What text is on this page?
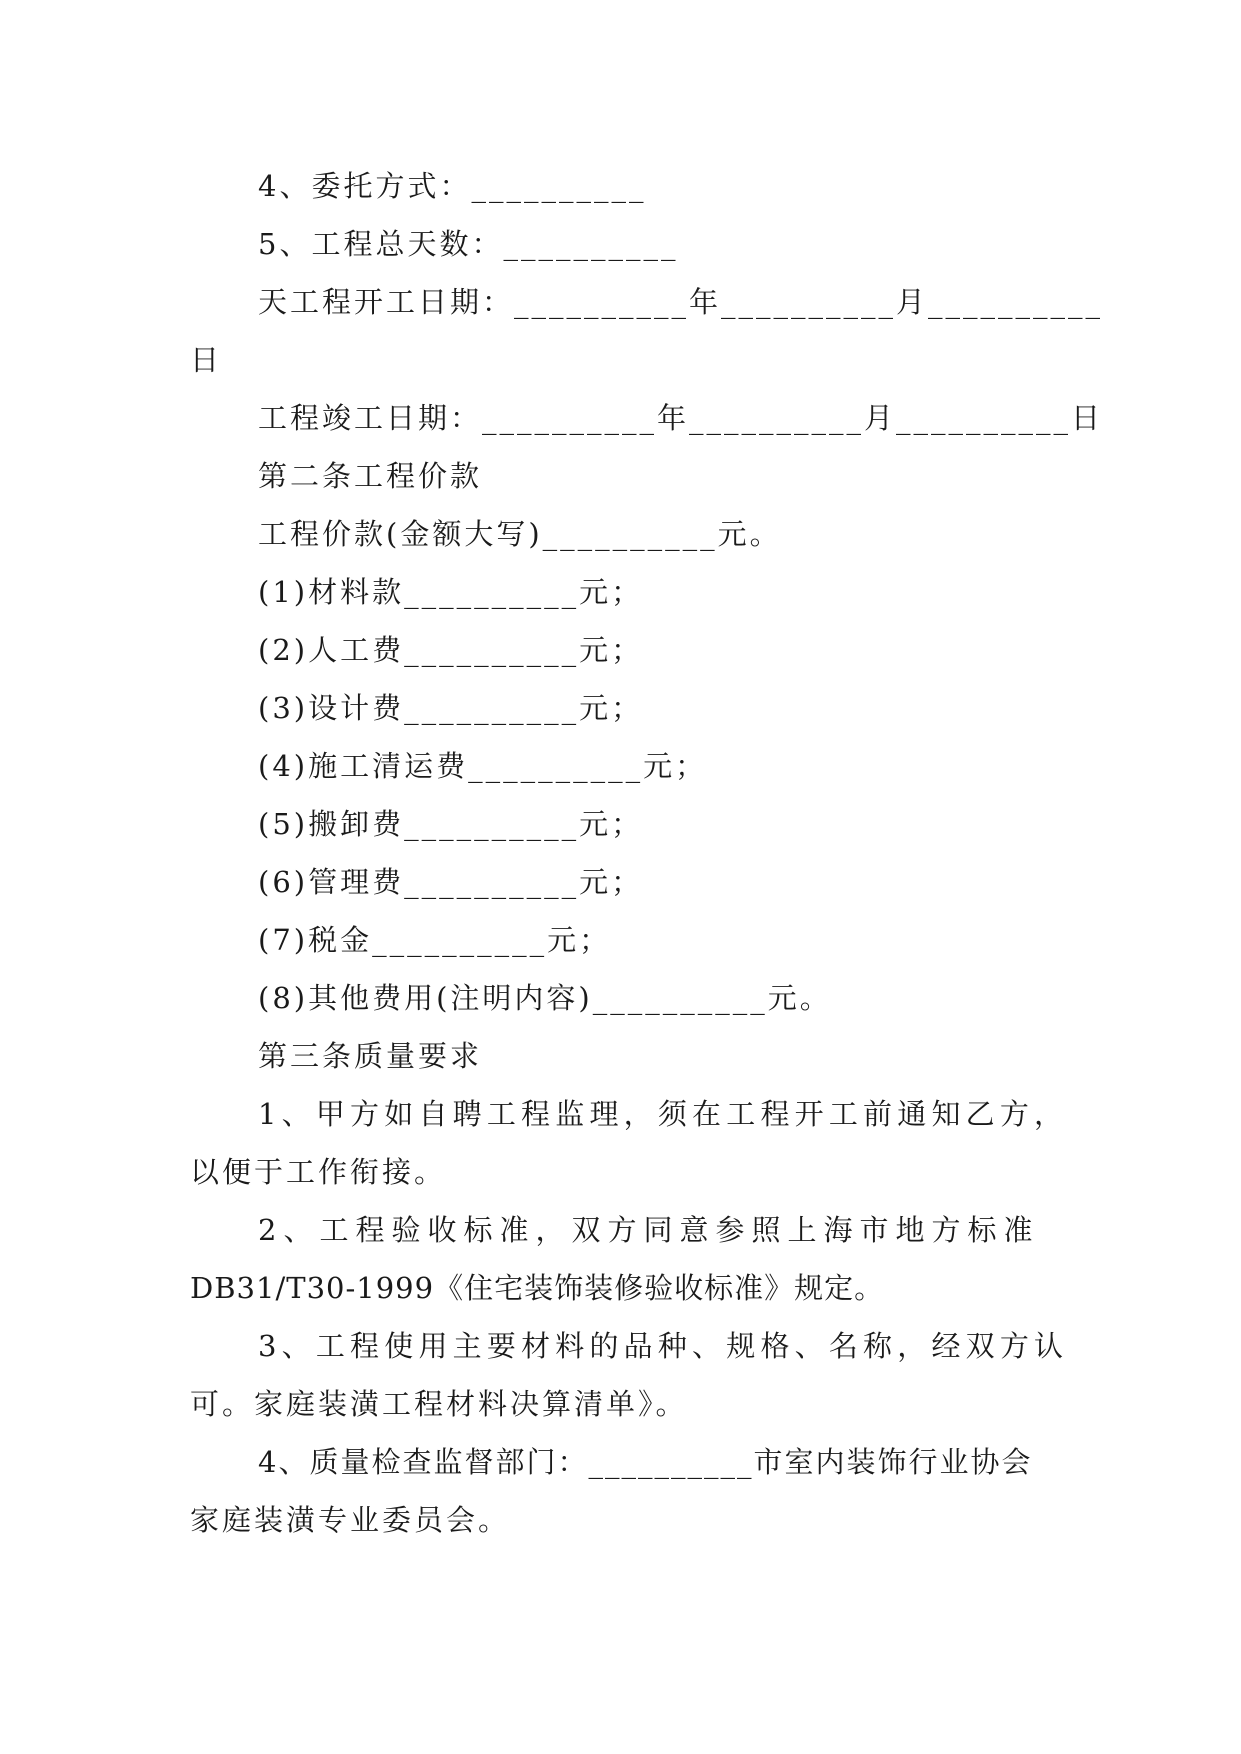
4、委托方式：__________
5、工程总天数：__________
天工程开工日期：__________年__________月__________
日
工程竣工日期：__________年__________月__________日
第二条工程价款
工程价款(金额大写)__________元。
(1)材料款__________元；
(2)人工费__________元；
(3)设计费__________元；
(4)施工清运费__________元；
(5)搬卸费__________元；
(6)管理费__________元；
(7)税金__________元；
(8)其他费用(注明内容)__________元。
第三条质量要求
1、甲方如自聘工程监理，须在工程开工前通知乙方，
以便于工作衔接。
2、工程验收标准，双方同意参照上海市地方标准
DB31/T30-1999《住宅装饰装修验收标准》规定。
3、工程使用主要材料的品种、规格、名称，经双方认
可。家庭装潢工程材料决算清单》。
4、质量检查监督部门：__________市室内装饰行业协会
家庭装潢专业委员会。
